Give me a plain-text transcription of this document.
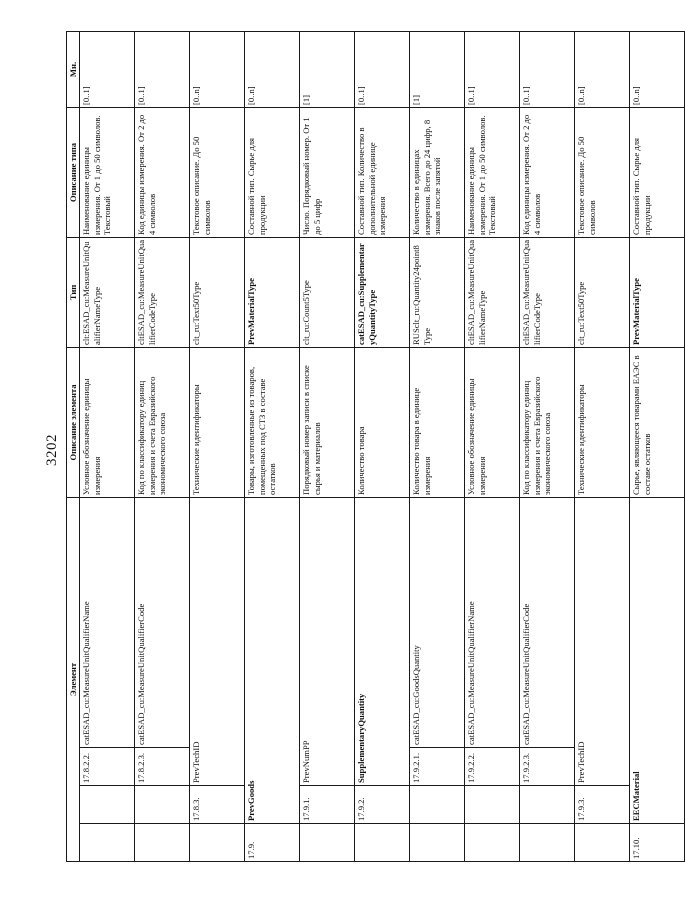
3202
Элемент				Описание элемента	Тип	Описание типа	Мн.
		17.8.2.2.	catESAD_cu:MeasureUnitQualifierName	Условное обозначение единицы измерения	clt:ESAD_cu:MeasureUnitQualifierNameType	Наименование единицы измерения. От 1 до 50 символов. Текстовый	[0..1]
		17.8.2.3.	catESAD_cu:MeasureUnitQualifierCode	Код по классификатору единиц измерения и счета Евразийского экономического союза	cltESAD_cu:MeasureUnitQualifierCodeType	Код единицы измерения. От 2 до 4 символов	[0..1]
	17.8.3.	PrevTechID		Технические идентификаторы	clt_ru:Text50Type	Текстовое описание. До 50 символов	[0..n]
17.9.	PrevGoods			Товары, изготовленные из товаров, помещенных под СТЗ в составе остатков	PrevMaterialType	Составной тип. Сырье для продукции	[0..n]
	17.9.1.	PrevNumPP		Порядковый номер записи в списке сырья и материалов	clt_ru:Count5Type	Число. Порядковый номер. От 1 до 5 цифр	[1]
	17.9.2.	SupplementaryQuantity		Количество товара	catESAD_cu:SupplementaryQuantityType	Составной тип. Количество в дополнительной единице измерения	[0..1]
		17.9.2.1.	catESAD_cu:GoodsQuantity	Количество товара в единице измерения	RUSclt_ru:Quantity24point8Type	Количество в единицах измерения. Всего до 24 цифр, 8 знаков после запятой	[1]
		17.9.2.2.	catESAD_cu:MeasureUnitQualifierName	Условное обозначение единицы измерения	cltESAD_cu:MeasureUnitQualifierNameType	Наименование единицы измерения. От 1 до 50 символов. Текстовый	[0..1]
		17.9.2.3.	catESAD_cu:MeasureUnitQualifierCode	Код по классификатору единиц измерения и счета Евразийского экономического союза	cltESAD_cu:MeasureUnitQualifierCodeType	Код единицы измерения. От 2 до 4 символов	[0..1]
	17.9.3.	PrevTechID		Технические идентификаторы	clt_ru:Text50Type	Текстовое описание. До 50 символов	[0..n]
17.10.	EECMaterial			Сырье, являющееся товарами ЕАЭС в составе остатков	PrevMaterialType	Составной тип. Сырье для продукции	[0..n]
